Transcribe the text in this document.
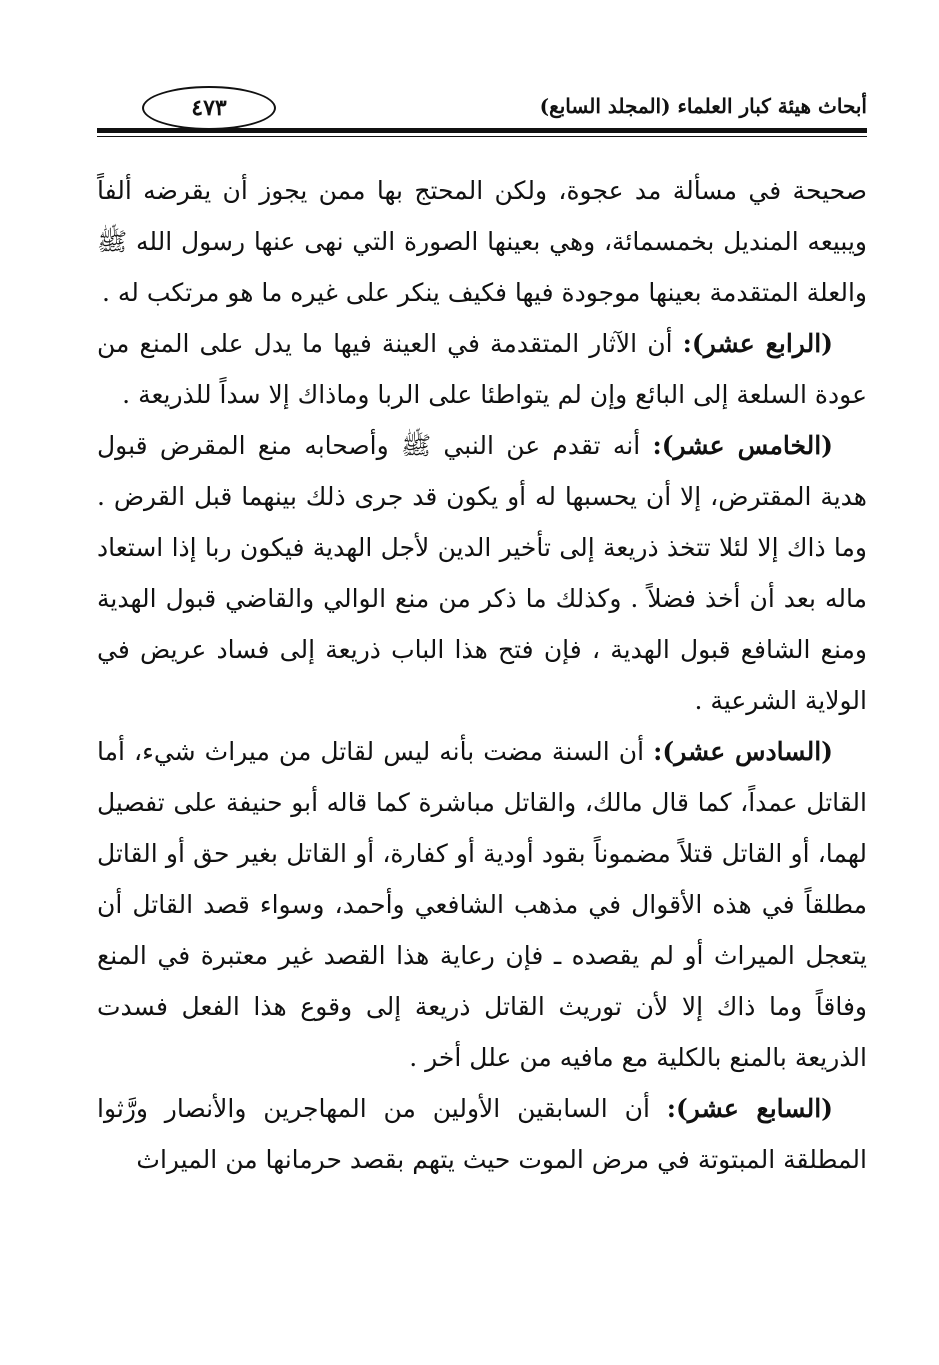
٤٧٣	أبحاث هيئة كبار العلماء (المجلد السابع)

صحيحة في مسألة مد عجوة، ولكن المحتج بها ممن يجوز أن يقرضه ألفاً ويبيعه المنديل بخمسمائة، وهي بعينها الصورة التي نهى عنها رسول الله ﷺ والعلة المتقدمة بعينها موجودة فيها فكيف ينكر على غيره ما هو مرتكب له .

(الرابع عشر): أن الآثار المتقدمة في العينة فيها ما يدل على المنع من عودة السلعة إلى البائع وإن لم يتواطئا على الربا وماذاك إلا سداً للذريعة .

(الخامس عشر): أنه تقدم عن النبي ﷺ وأصحابه منع المقرض قبول هدية المقترض، إلا أن يحسبها له أو يكون قد جرى ذلك بينهما قبل القرض . وما ذاك إلا لئلا تتخذ ذريعة إلى تأخير الدين لأجل الهدية فيكون ربا إذا استعاد ماله بعد أن أخذ فضلاً . وكذلك ما ذكر من منع الوالي والقاضي قبول الهدية ومنع الشافع قبول الهدية ، فإن فتح هذا الباب ذريعة إلى فساد عريض في الولاية الشرعية .

(السادس عشر): أن السنة مضت بأنه ليس لقاتل من ميراث شيء، أما القاتل عمداً، كما قال مالك، والقاتل مباشرة كما قاله أبو حنيفة على تفصيل لهما، أو القاتل قتلاً مضموناً بقود أودية أو كفارة، أو القاتل بغير حق أو القاتل مطلقاً في هذه الأقوال في مذهب الشافعي وأحمد، وسواء قصد القاتل أن يتعجل الميراث أو لم يقصده ـ فإن رعاية هذا القصد غير معتبرة في المنع وفاقاً وما ذاك إلا لأن توريث القاتل ذريعة إلى وقوع هذا الفعل فسدت الذريعة بالمنع بالكلية مع مافيه من علل أخر .

(السابع عشر): أن السابقين الأولين من المهاجرين والأنصار ورَّثوا المطلقة المبتوتة في مرض الموت حيث يتهم بقصد حرمانها من الميراث
